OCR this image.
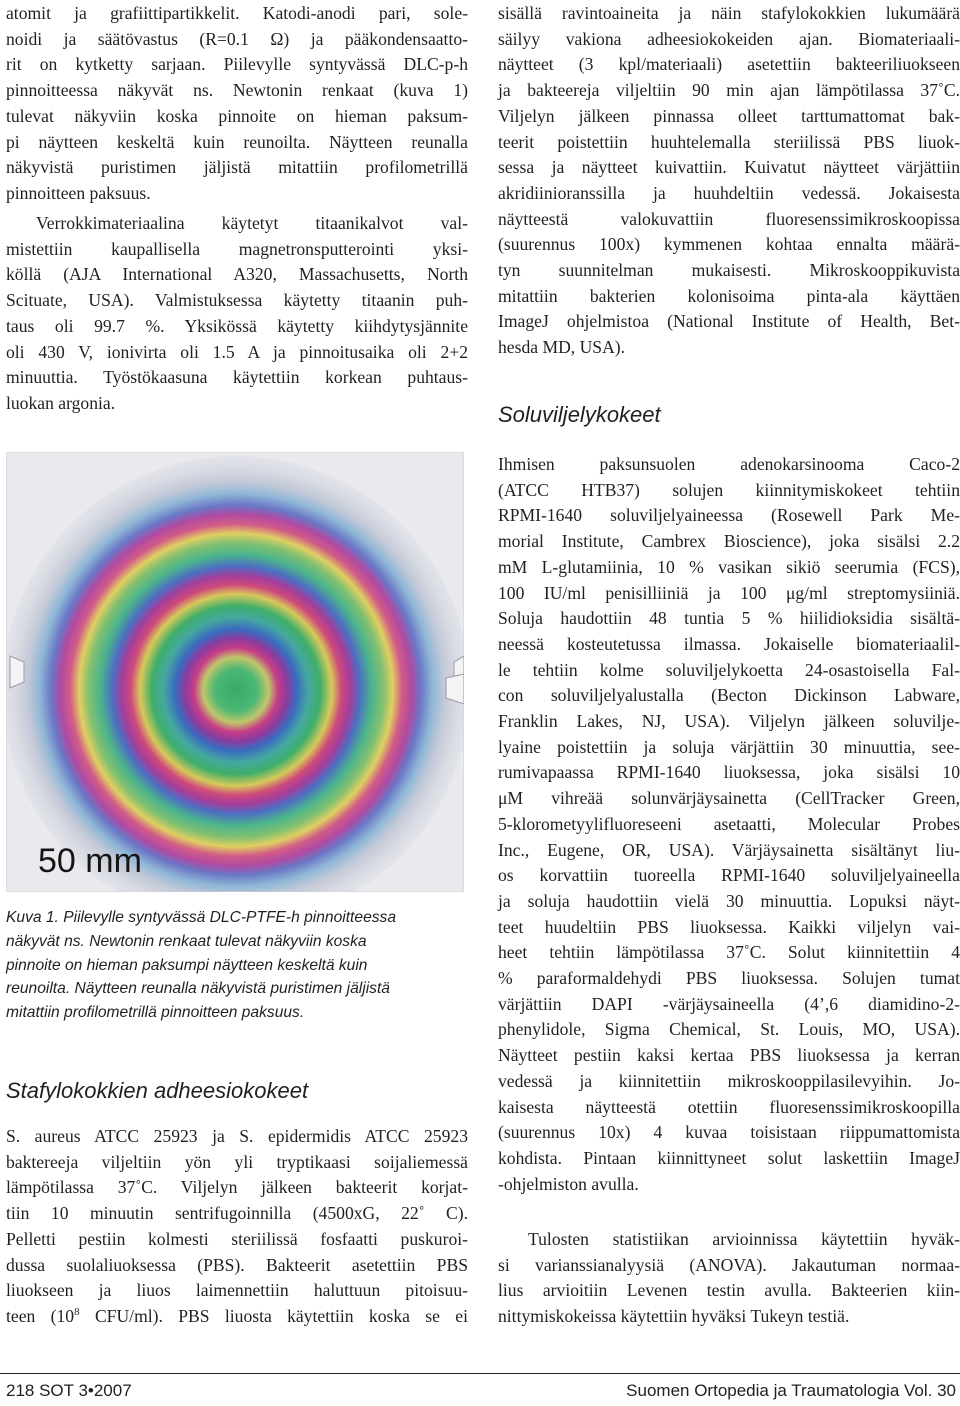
atomit ja grafiittipartikkelit. Katodi-anodi pari, sole-
noidi ja säätövastus (R=0.1 Ω) ja pääkondensaatto-
rit on kytketty sarjaan. Piilevylle syntyvässä DLC-p-h
pinnoitteessa näkyvät ns. Newtonin renkaat (kuva 1)
tulevat näkyviin koska pinnoite on hieman paksum-
pi näytteen keskeltä kuin reunoilta. Näytteen reunalla
näkyvistä puristimen jäljistä mitattiin profilometrillä
pinnoitteen paksuus.
Verrokkimateriaalina käytetyt titaanikalvot val-
mistettiin kaupallisella magnetronsputterointi yksi-
köllä (AJA International A320, Massachusetts, North
Scituate, USA). Valmistuksessa käytetty titaanin puh-
taus oli 99.7 %. Yksikössä käytetty kiihdytysjännite
oli 430 V, ionivirta oli 1.5 A ja pinnoitusaika oli 2+2
minuuttia. Työstökaasuna käytettiin korkean puhtaus-
luokan argonia.
Kuva 1. Piilevylle syntyvässä DLC-PTFE-h pinnoitteessa
näkyvät ns. Newtonin renkaat tulevat näkyviin koska
pinnoite on hieman paksumpi näytteen keskeltä kuin
reunoilta. Näytteen reunalla näkyvistä puristimen jäljistä
mitattiin profilometrillä pinnoitteen paksuus.
Stafylokokkien adheesiokokeet
S. aureus ATCC 25923 ja S. epidermidis ATCC 25923
baktereeja viljeltiin yön yli tryptikaasi soijaliemessä
lämpötilassa 37˚C. Viljelyn jälkeen bakteerit korjat-
tiin 10 minuutin sentrifugoinnilla (4500xG, 22˚ C).
Pelletti pestiin kolmesti steriilissä fosfaatti puskuroi-
dussa suolaliuoksessa (PBS). Bakteerit asetettiin PBS
liuokseen ja liuos laimennettiin haluttuun pitoisuu-
teen ($10^8$ CFU/ml). PBS liuosta käytettiin koska se ei
50 mm
sisällä ravintoaineita ja näin stafylokokkien lukumäärä
säilyy vakiona adheesiokokeiden ajan. Biomateriaali-
näytteet (3 kpl/materiaali) asetettiin bakteeriliuokseen
ja bakteereja viljeltiin 90 min ajan lämpötilassa 37˚C.
Viljelyn jälkeen pinnassa olleet tarttumattomat bak-
teerit poistettiin huuhtelemalla steriilissä PBS liuok-
sessa ja näytteet kuivattiin. Kuivatut näytteet värjättiin
akridiinioranssilla ja huuhdeltiin vedessä. Jokaisesta
näytteestä valokuvattiin fluoresenssimikroskoopissa
(suurennus 100x) kymmenen kohtaa ennalta määrä-
tyn suunnitelman mukaisesti. Mikroskooppikuvista
mitattiin bakterien kolonisoima pinta-ala käyttäen
ImageJ ohjelmistoa (National Institute of Health, Bet-
hesda MD, USA).
Soluviljelykokeet
Ihmisen paksunsuolen adenokarsinooma Caco-2
(ATCC HTB37) solujen kiinnitymiskokeet tehtiin
RPMI-1640 soluviljelyaineessa (Rosewell Park Me-
morial Institute, Cambrex Bioscience), joka sisälsi 2.2
mM L-glutamiinia, 10 % vasikan sikiö seerumia (FCS),
100 IU/ml penisilliiniä ja 100 μg/ml streptomysiiniä.
Soluja haudottiin 48 tuntia 5 % hiilidioksidia sisältä-
neessä kosteutetussa ilmassa. Jokaiselle biomateriaalil-
le tehtiin kolme soluviljelykoetta 24-osastoisella Fal-
con soluviljelyalustalla (Becton Dickinson Labware,
Franklin Lakes, NJ, USA). Viljelyn jälkeen soluvilje-
lyaine poistettiin ja soluja värjättiin 30 minuuttia, see-
rumivapaassa RPMI-1640 liuoksessa, joka sisälsi 10
μM vihreää solunvärjäysainetta (CellTracker Green,
5-klorometyylifluoreseeni asetaatti, Molecular Probes
Inc., Eugene, OR, USA). Värjäysainetta sisältänyt liu-
os korvattiin tuoreella RPMI-1640 soluviljelyaineella
ja soluja haudottiin vielä 30 minuuttia. Lopuksi näyt-
teet huudeltiin PBS liuoksessa. Kaikki viljelyn vai-
heet tehtiin lämpötilassa 37˚C. Solut kiinnitettiin 4
% paraformaldehydi PBS liuoksessa. Solujen tumat
värjättiin DAPI -värjäysaineella (4’,6 diamidino-2-
phenylidole, Sigma Chemical, St. Louis, MO, USA).
Näytteet pestiin kaksi kertaa PBS liuoksessa ja kerran
vedessä ja kiinnitettiin mikroskooppilasilevyihin. Jo-
kaisesta näytteestä otettiin fluoresenssimikroskoopilla
(suurennus 10x) 4 kuvaa toisistaan riippumattomista
kohdista. Pintaan kiinnittyneet solut laskettiin ImageJ
-ohjelmiston avulla.
Tulosten statistiikan arvioinnissa käytettiin hyväk-
si varianssianalyysiä (ANOVA). Jakautuman normaa-
lius arvioitiin Levenen testin avulla. Bakteerien kiin-
nittymiskokeissa käytettiin hyväksi Tukeyn testiä.
218 SOT 3•2007	Suomen Ortopedia ja Traumatologia Vol. 30
